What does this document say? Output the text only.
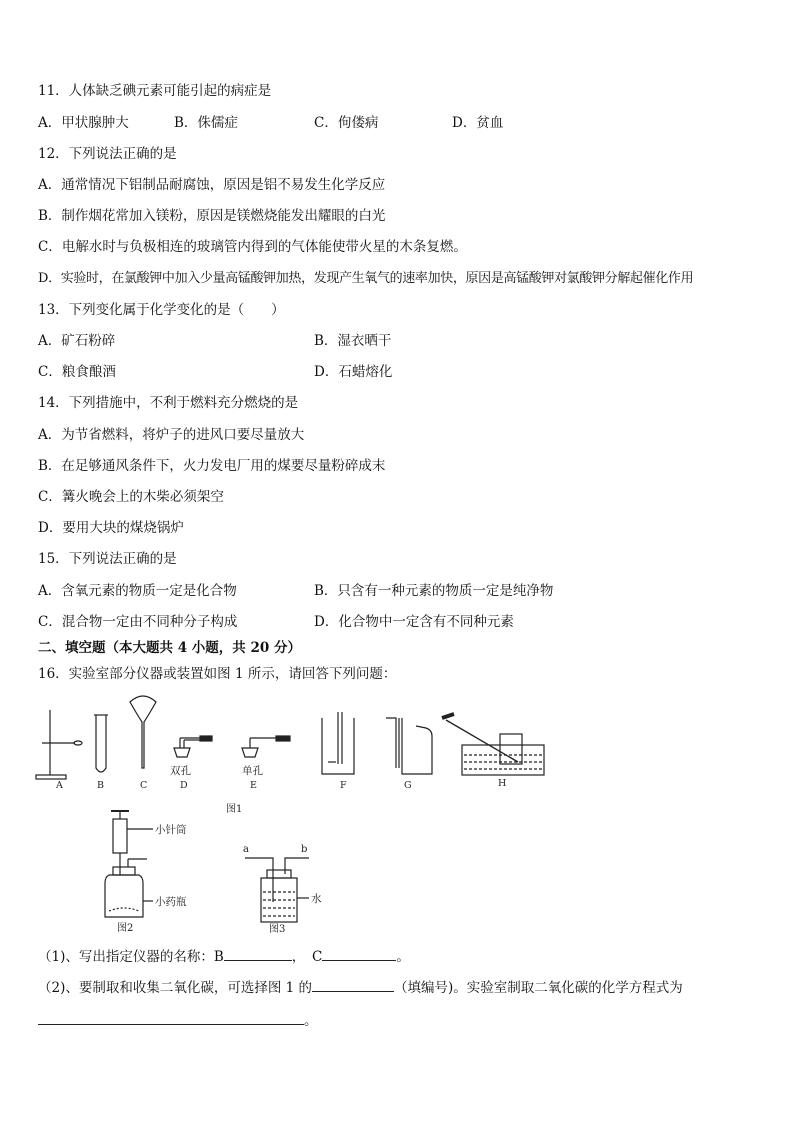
11．人体缺乏碘元素可能引起的病症是
A．甲状腺肿大	B．侏儒症	C．佝偻病	D．贫血
12．下列说法正确的是
A．通常情况下铝制品耐腐蚀，原因是铝不易发生化学反应
B．制作烟花常加入镁粉，原因是镁燃烧能发出耀眼的白光
C．电解水时与负极相连的玻璃管内得到的气体能使带火星的木条复燃。
D．实验时，在氯酸钾中加入少量高锰酸钾加热，发现产生氧气的速率加快，原因是高锰酸钾对氯酸钾分解起催化作用
13．下列变化属于化学变化的是（　　）
A．矿石粉碎	B．湿衣晒干
C．粮食酿酒	D．石蜡熔化
14．下列措施中，不利于燃料充分燃烧的是
A．为节省燃料，将炉子的进风口要尽量放大
B．在足够通风条件下，火力发电厂用的煤要尽量粉碎成末
C．篝火晚会上的木柴必须架空
D．要用大块的煤烧锅炉
15．下列说法正确的是
A．含氧元素的物质一定是化合物	B．只含有一种元素的物质一定是纯净物
C．混合物一定由不同种分子构成	D．化合物中一定含有不同种元素
二、填空题（本大题共 4 小题，共 20 分）
16．实验室部分仪器或装置如图 1 所示，请回答下列问题：
A	B	C	D	E	F	G	H
双孔	单孔
图1
小针筒
小药瓶
图2
a	b
水
图3
（1)、写出指定仪器的名称：B	，　C	。
（2)、要制取和收集二氧化碳，可选择图 1 的	（填编号)。实验室制取二氧化碳的化学方程式为
。
